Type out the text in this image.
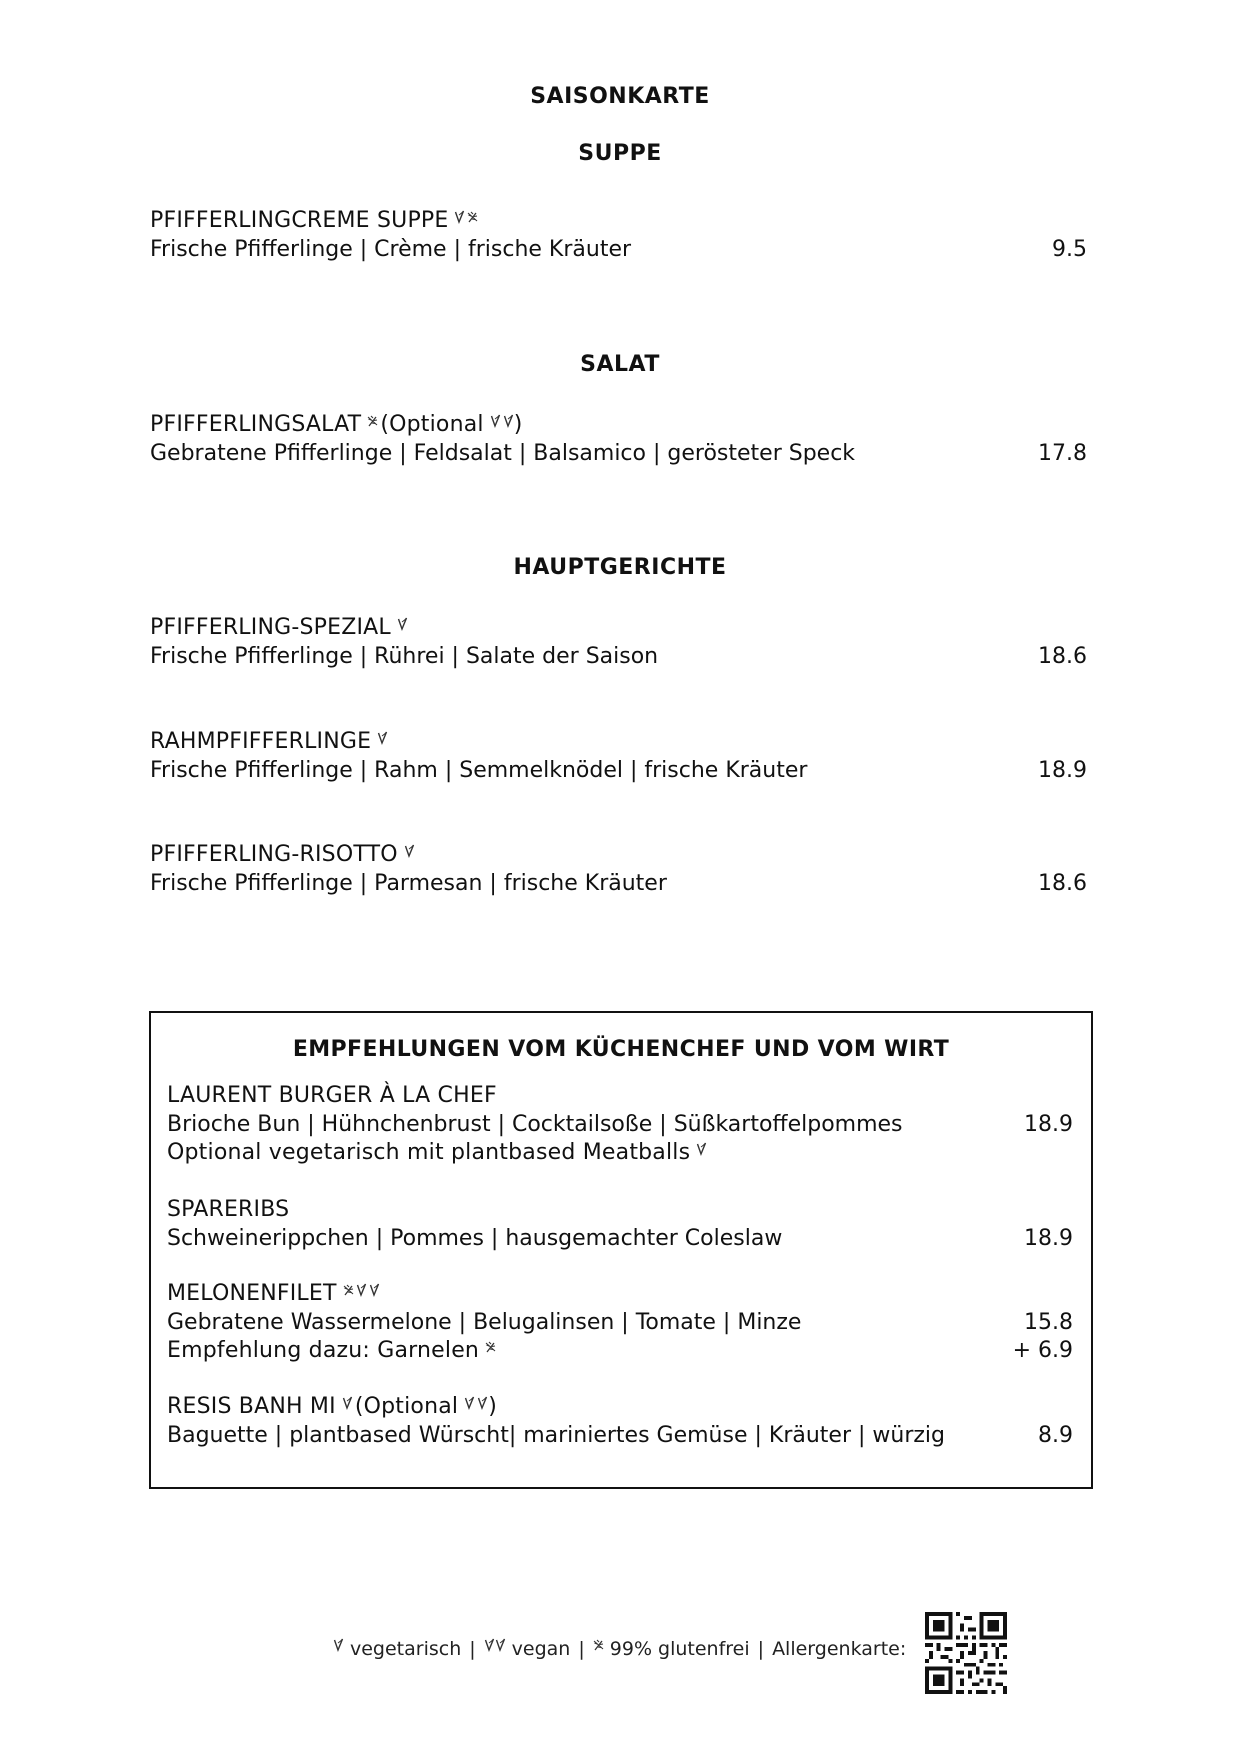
SAISONKARTE
SUPPE
PFIFFERLINGCREME SUPPE
Frische Pfifferlinge | Crème | frische Kräuter	9.5
SALAT
PFIFFERLINGSALAT (Optional )
Gebratene Pfifferlinge | Feldsalat | Balsamico | gerösteter Speck	17.8
HAUPTGERICHTE
PFIFFERLING-SPEZIAL
Frische Pfifferlinge | Rührei | Salate der Saison	18.6
RAHMPFIFFERLINGE
Frische Pfifferlinge | Rahm | Semmelknödel | frische Kräuter	18.9
PFIFFERLING-RISOTTO
Frische Pfifferlinge | Parmesan | frische Kräuter	18.6
EMPFEHLUNGEN VOM KÜCHENCHEF UND VOM WIRT
LAURENT BURGER À LA CHEF
Brioche Bun | Hühnchenbrust | Cocktailsoße | Süßkartoffelpommes	18.9
Optional vegetarisch mit plantbased Meatballs
SPARERIBS
Schweinerippchen | Pommes | hausgemachter Coleslaw	18.9
MELONENFILET
Gebratene Wassermelone | Belugalinsen | Tomate | Minze	15.8
Empfehlung dazu: Garnelen	+ 6.9
RESIS BANH MI (Optional )
Baguette | plantbased Würscht| mariniertes Gemüse | Kräuter | würzig	8.9
vegetarisch | vegan | 99% glutenfrei | Allergenkarte:
